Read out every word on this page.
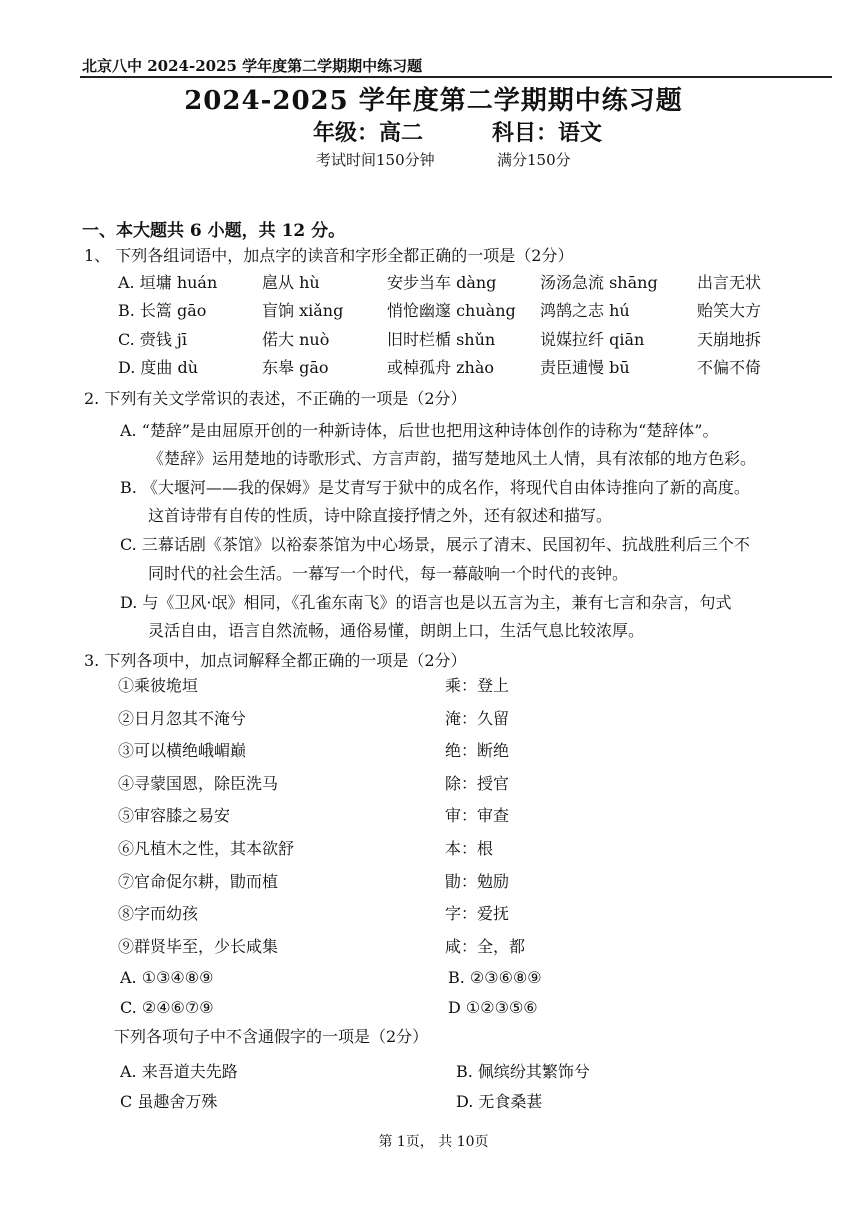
北京八中 2024-2025 学年度第二学期期中练习题
2024-2025 学年度第二学期期中练习题
年级：高二	科目：语文
考试时间150分钟	满分150分
一、本大题共 6 小题，共 12 分。
1、 下列各组词语中，加点字的读音和字形全都正确的一项是（2分）
A. 垣墉 huán	扈从 hù	安步当车 dàng	汤汤急流 shāng 出言无状
B. 长篙 gāo	盲饷 xiǎng	悄怆幽邃 chuàng 鸿鹄之志 hú	贻笑大方
C. 赍钱 jī	偌大 nuò	旧时栏楯 shǔn	说媒拉纤 qiān	天崩地拆
D. 度曲 dù	东皋 gāo	或棹孤舟 zhào	责臣逋慢 bū	不偏不倚
2. 下列有关文学常识的表述，不正确的一项是（2分）
A. “楚辞”是由屈原开创的一种新诗体，后世也把用这种诗体创作的诗称为“楚辞体”。
《楚辞》运用楚地的诗歌形式、方言声韵，描写楚地风土人情，具有浓郁的地方色彩。
B. 《大堰河——我的保姆》是艾青写于狱中的成名作，将现代自由体诗推向了新的高度。
这首诗带有自传的性质，诗中除直接抒情之外，还有叙述和描写。
C. 三幕话剧《茶馆》以裕泰茶馆为中心场景，展示了清末、民国初年、抗战胜利后三个不
同时代的社会生活。一幕写一个时代，每一幕敲响一个时代的丧钟。
D. 与《卫风·氓》相同，《孔雀东南飞》的语言也是以五言为主，兼有七言和杂言，句式
灵活自由，语言自然流畅，通俗易懂，朗朗上口，生活气息比较浓厚。
3. 下列各项中，加点词解释全都正确的一项是（2分）
①乘彼垝垣	乘：登上
②日月忽其不淹兮	淹：久留
③可以横绝峨嵋巅	绝：断绝
④寻蒙国恩，除臣洗马	除：授官
⑤审容膝之易安	审：审查
⑥凡植木之性，其本欲舒	本：根
⑦官命促尔耕，勖而植	勖：勉励
⑧字而幼孩	字：爱抚
⑨群贤毕至，少长咸集	咸：全，都
A. ①③④⑧⑨	B. ②③⑥⑧⑨
C. ②④⑥⑦⑨	D ①②③⑤⑥
下列各项句子中不含通假字的一项是（2分）
A. 来吾道夫先路	B. 佩缤纷其繁饰兮
C 虽趣舍万殊	D. 无食桑葚
第 1页， 共 10页
